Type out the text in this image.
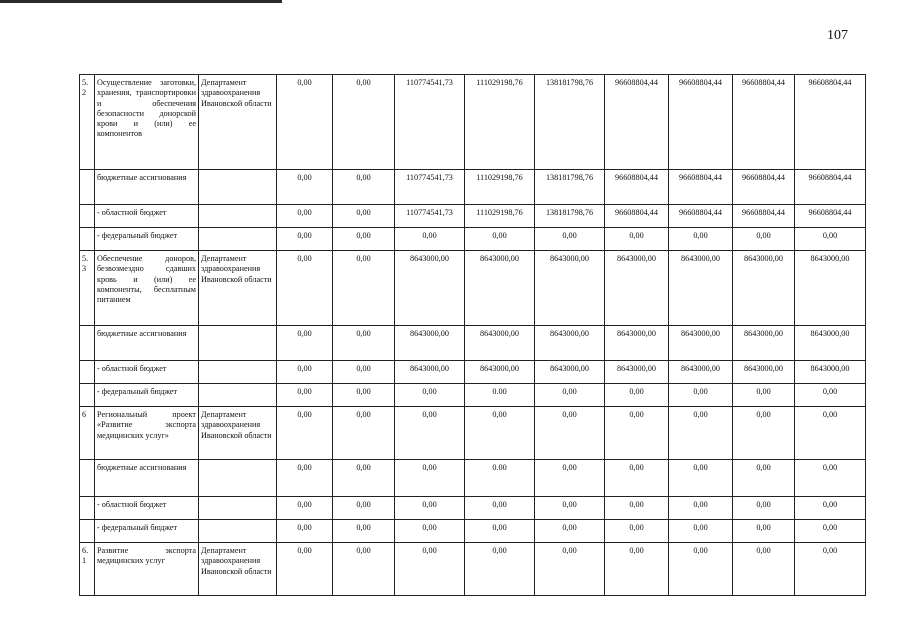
107
5.2	Осуществление заготовки, хранения, транспортировки и обеспечения безопасности донорской крови и (или) ее компонентов	Департамент здравоохранения Ивановской области	0,00	0,00	110774541,73	111029198,76	138181798,76	96608804,44	96608804,44	96608804,44	96608804,44
	бюджетные ассигнования		0,00	0,00	110774541,73	111029198,76	138181798,76	96608804,44	96608804,44	96608804,44	96608804,44
	- областной бюджет		0,00	0,00	110774541,73	111029198,76	138181798,76	96608804,44	96608804,44	96608804,44	96608804,44
	- федеральный бюджет		0,00	0,00	0,00	0,00	0,00	0,00	0,00	0,00	0,00
5.3	Обеспечение доноров, безвозмездно сдавших кровь и (или) ее компоненты, бесплатным питанием	Департамент здравоохранения Ивановской области	0,00	0,00	8643000,00	8643000,00	8643000,00	8643000,00	8643000,00	8643000,00	8643000,00
	бюджетные ассигнования		0,00	0,00	8643000,00	8643000,00	8643000,00	8643000,00	8643000,00	8643000,00	8643000,00
	- областной бюджет		0,00	0,00	8643000,00	8643000,00	8643000,00	8643000,00	8643000,00	8643000,00	8643000,00
	- федеральный бюджет		0,00	0,00	0,00	0.00	0,00	0,00	0,00	0,00	0,00
6	Региональный проект «Развитие экспорта медицинских услуг»	Департамент здравоохранения Ивановской области	0,00	0,00	0,00	0,00	0,00	0,00	0,00	0,00	0,00
	бюджетные ассигнования		0,00	0,00	0,00	0.00	0,00	0,00	0,00	0,00	0,00
	- областной бюджет		0,00	0,00	0,00	0,00	0,00	0,00	0,00	0,00	0,00
	- федеральный бюджет		0,00	0,00	0,00	0,00	0,00	0,00	0,00	0,00	0,00
6.1	Развитие экспорта медицинских услуг	Департамент здравоохранения Ивановской области	0,00	0,00	0,00	0,00	0,00	0,00	0,00	0,00	0,00
